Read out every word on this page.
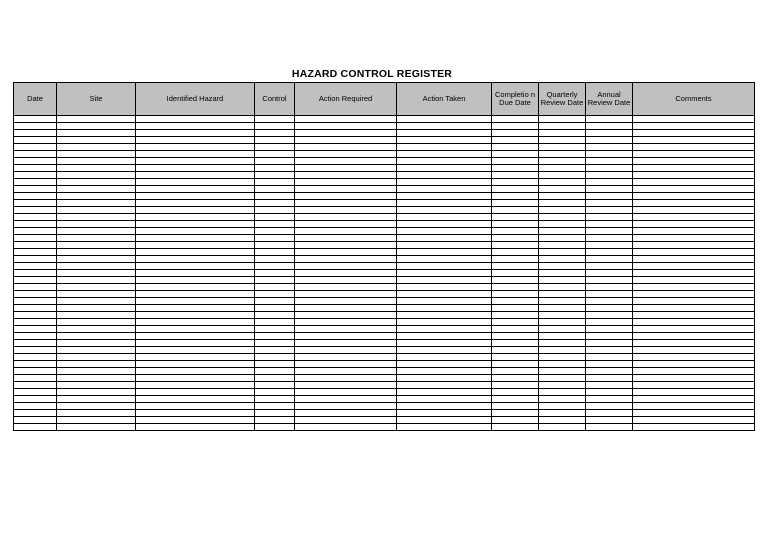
HAZARD CONTROL REGISTER
Date	Site	Identified Hazard	Control	Action Required	Action Taken	Completio n Due Date	Quarterly Review Date	Annual Review Date	Comments
